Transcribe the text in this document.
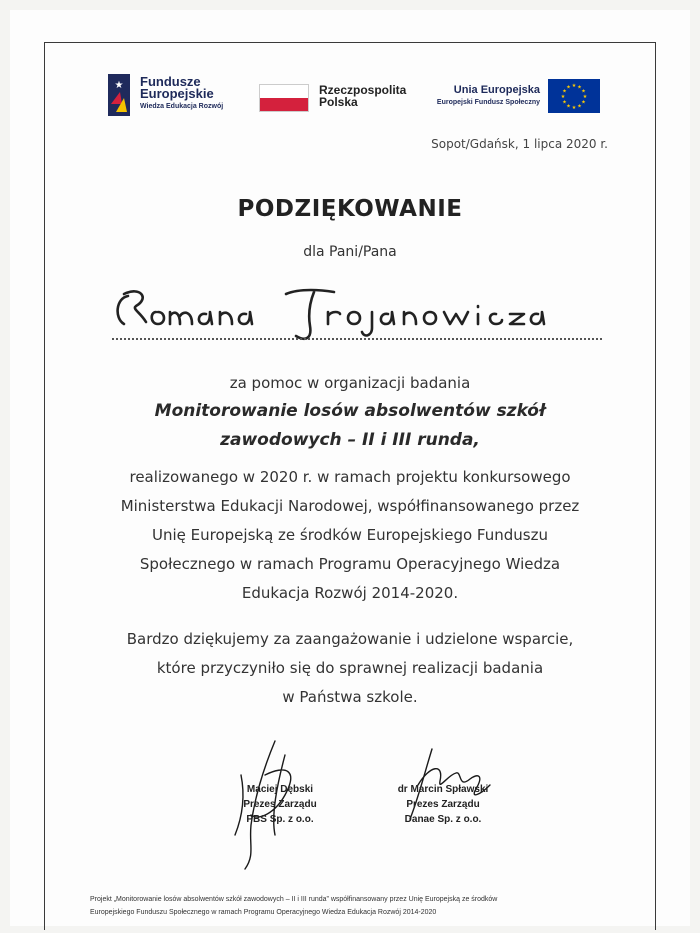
★ Fundusze
Europejskie
Wiedza Edukacja Rozwój
Rzeczpospolita
Polska
Unia Europejska
Europejski Fundusz Społeczny
★ ★
★
★
★
★
★
★
★
★
★
★
Sopot/Gdańsk, 1 lipca 2020 r.
PODZIĘKOWANIE
dla Pani/Pana
za pomoc w organizacji badania
Monitorowanie losów absolwentów szkół
zawodowych – II i III runda,
realizowanego w 2020 r. w ramach projektu konkursowego
Ministerstwa Edukacji Narodowej, współfinansowanego przez
Unię Europejską ze środków Europejskiego Funduszu
Społecznego w ramach Programu Operacyjnego Wiedza
Edukacja Rozwój 2014-2020.
Bardzo dziękujemy za zaangażowanie i udzielone wsparcie,
które przyczyniło się do sprawnej realizacji badania
w Państwa szkole.
Maciej Dębski
Prezes Zarządu
PBS Sp. z o.o.
dr Marcin Spławski
Prezes Zarządu
Danae Sp. z o.o.
Projekt „Monitorowanie losów absolwentów szkół zawodowych – II i III runda” współfinansowany przez Unię Europejską ze środków
Europejskiego Funduszu Społecznego w ramach Programu Operacyjnego Wiedza Edukacja Rozwój 2014-2020
